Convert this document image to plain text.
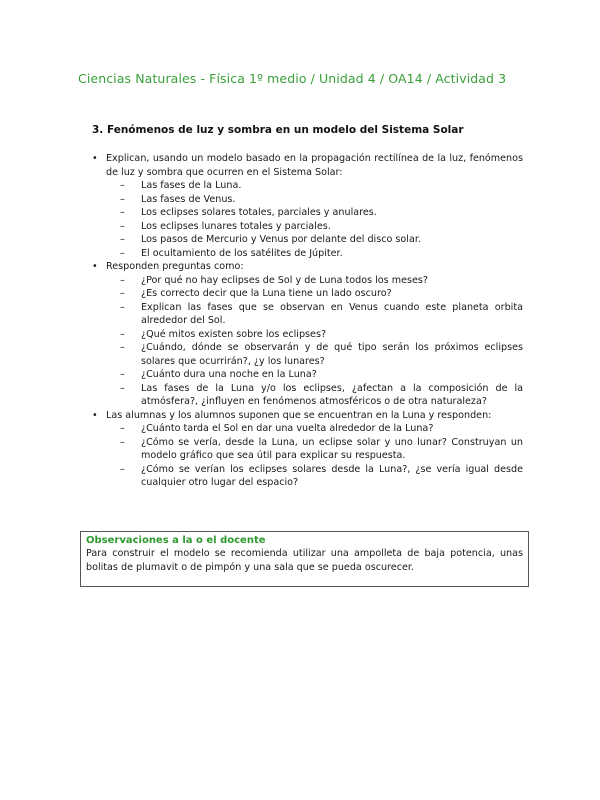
Ciencias Naturales - Física 1º medio / Unidad 4 / OA14 / Actividad 3
3. Fenómenos de luz y sombra en un modelo del Sistema Solar
• Explican, usando un modelo basado en la propagación rectilínea de la luz, fenómenos de luz y sombra que ocurren en el Sistema Solar:
– Las fases de la Luna.
– Las fases de Venus.
– Los eclipses solares totales, parciales y anulares.
– Los eclipses lunares totales y parciales.
– Los pasos de Mercurio y Venus por delante del disco solar.
– El ocultamiento de los satélites de Júpiter.
• Responden preguntas como:
– ¿Por qué no hay eclipses de Sol y de Luna todos los meses?
– ¿Es correcto decir que la Luna tiene un lado oscuro?
– Explican las fases que se observan en Venus cuando este planeta orbita alrededor del Sol.
– ¿Qué mitos existen sobre los eclipses?
– ¿Cuándo, dónde se observarán y de qué tipo serán los próximos eclipses solares que ocurrirán?, ¿y los lunares?
– ¿Cuánto dura una noche en la Luna?
– Las fases de la Luna y/o los eclipses, ¿afectan a la composición de la atmósfera?, ¿influyen en fenómenos atmosféricos o de otra naturaleza?
• Las alumnas y los alumnos suponen que se encuentran en la Luna y responden:
– ¿Cuánto tarda el Sol en dar una vuelta alrededor de la Luna?
– ¿Cómo se vería, desde la Luna, un eclipse solar y uno lunar? Construyan un modelo gráfico que sea útil para explicar su respuesta.
– ¿Cómo se verían los eclipses solares desde la Luna?, ¿se vería igual desde cualquier otro lugar del espacio?
Observaciones a la o el docente
Para construir el modelo se recomienda utilizar una ampolleta de baja potencia, unas bolitas de plumavit o de pimpón y una sala que se pueda oscurecer.
